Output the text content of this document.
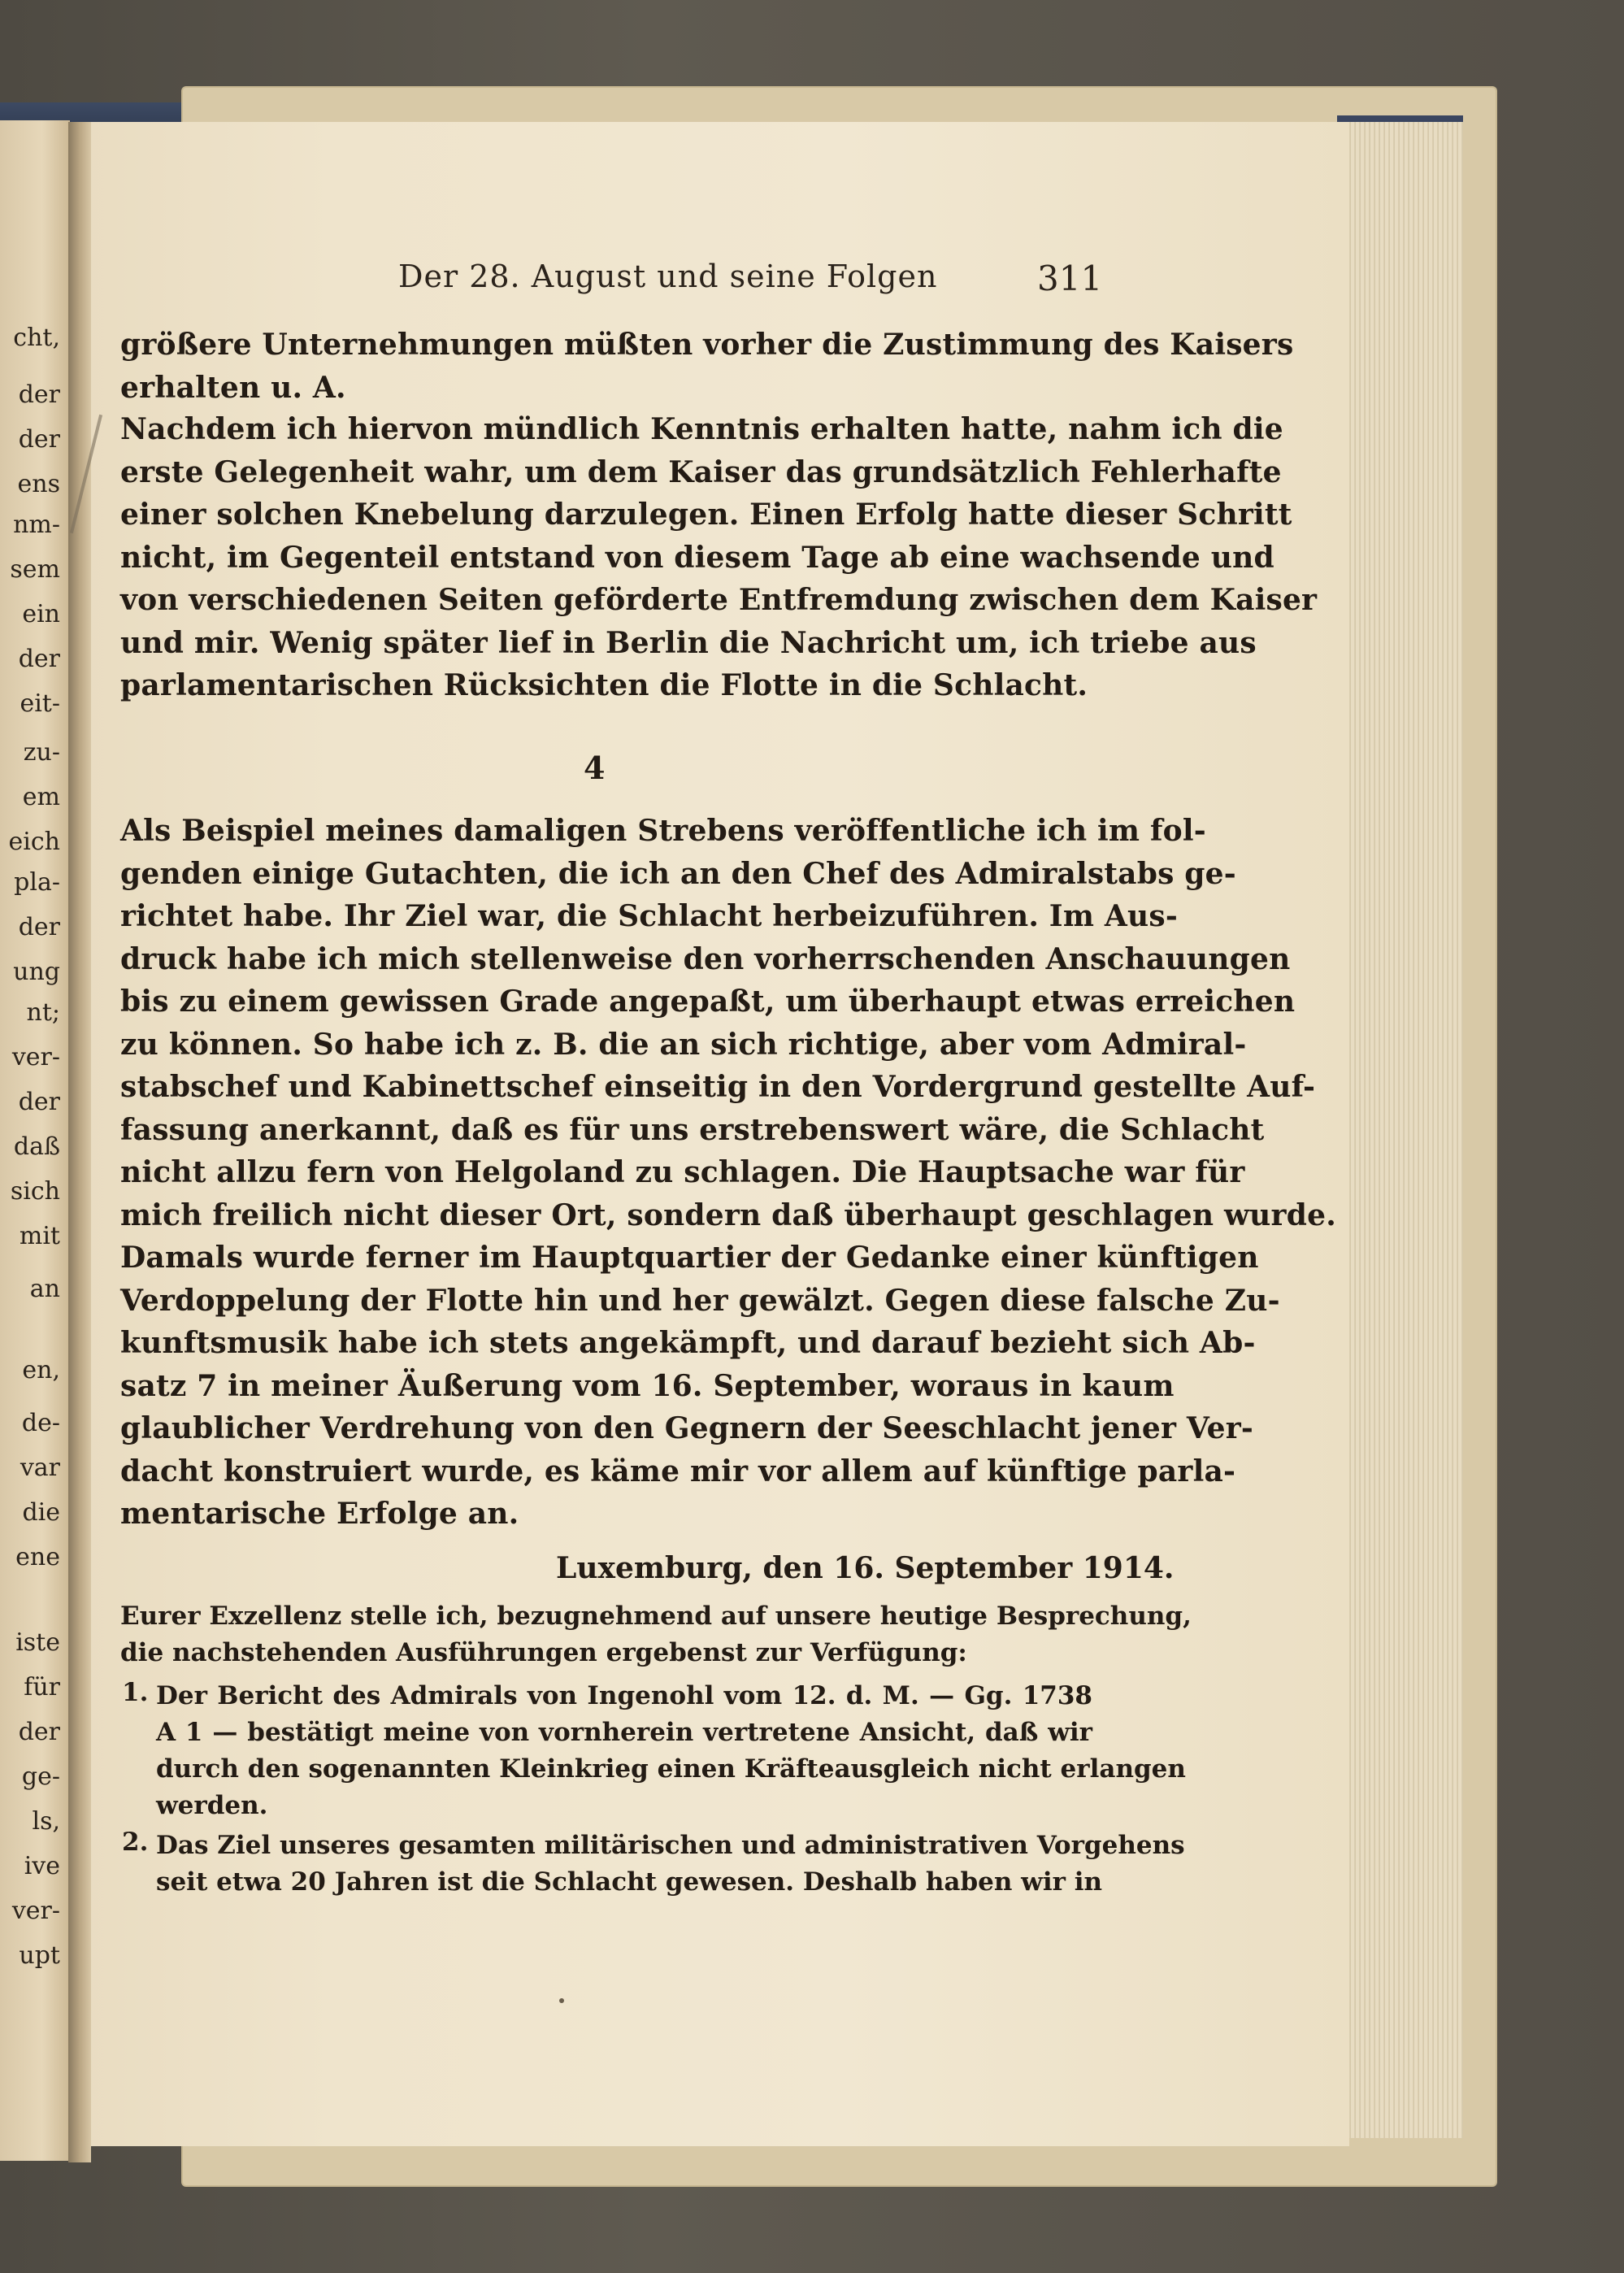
cht,
der
der
ens
nm-
sem
ein
der
eit-
zu-
em
eich
pla-
der
ung
nt;
ver-
der
daß
sich
mit
an
en,
de-
var
die
ene
iste
für
der
ge-
ls,
ive
ver-
upt
Der 28. August und seine Folgen	311
größere Unternehmungen müßten vorher die Zustimmung des Kaisers
erhalten u. A.
Nachdem ich hiervon mündlich Kenntnis erhalten hatte, nahm ich die
erste Gelegenheit wahr, um dem Kaiser das grundsätzlich Fehlerhafte
einer solchen Knebelung darzulegen. Einen Erfolg hatte dieser Schritt
nicht, im Gegenteil entstand von diesem Tage ab eine wachsende und
von verschiedenen Seiten geförderte Entfremdung zwischen dem Kaiser
und mir. Wenig später lief in Berlin die Nachricht um, ich triebe aus
parlamentarischen Rücksichten die Flotte in die Schlacht.
4
Als Beispiel meines damaligen Strebens veröffentliche ich im fol-
genden einige Gutachten, die ich an den Chef des Admiralstabs ge-
richtet habe. Ihr Ziel war, die Schlacht herbeizuführen. Im Aus-
druck habe ich mich stellenweise den vorherrschenden Anschauungen
bis zu einem gewissen Grade angepaßt, um überhaupt etwas erreichen
zu können. So habe ich z. B. die an sich richtige, aber vom Admiral-
stabschef und Kabinettschef einseitig in den Vordergrund gestellte Auf-
fassung anerkannt, daß es für uns erstrebenswert wäre, die Schlacht
nicht allzu fern von Helgoland zu schlagen. Die Hauptsache war für
mich freilich nicht dieser Ort, sondern daß überhaupt geschlagen wurde.
Damals wurde ferner im Hauptquartier der Gedanke einer künftigen
Verdoppelung der Flotte hin und her gewälzt. Gegen diese falsche Zu-
kunftsmusik habe ich stets angekämpft, und darauf bezieht sich Ab-
satz 7 in meiner Äußerung vom 16. September, woraus in kaum
glaublicher Verdrehung von den Gegnern der Seeschlacht jener Ver-
dacht konstruiert wurde, es käme mir vor allem auf künftige parla-
mentarische Erfolge an.
Luxemburg, den 16. September 1914.
Eurer Exzellenz stelle ich, bezugnehmend auf unsere heutige Besprechung,
die nachstehenden Ausführungen ergebenst zur Verfügung:
1. Der Bericht des Admirals von Ingenohl vom 12. d. M. — Gg. 1738
A 1 — bestätigt meine von vornherein vertretene Ansicht, daß wir
durch den sogenannten Kleinkrieg einen Kräfteausgleich nicht erlangen
werden.
2. Das Ziel unseres gesamten militärischen und administrativen Vorgehens
seit etwa 20 Jahren ist die Schlacht gewesen. Deshalb haben wir in
